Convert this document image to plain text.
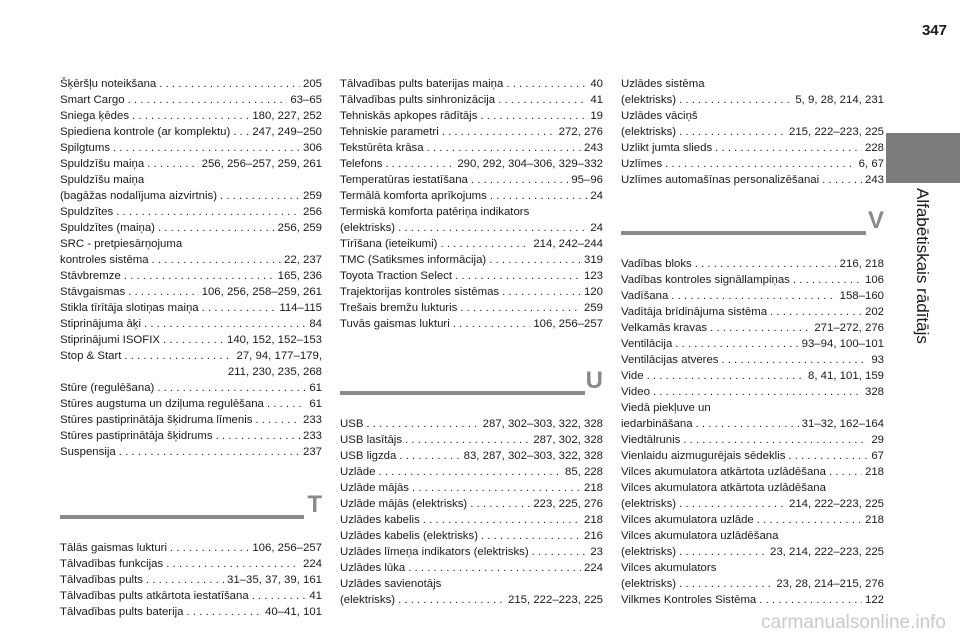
347
Alfabētiskais rādītājs
Šķēršļu noteikšana . . .	205
Smart Cargo . . .	63–65
Sniega ķēdes . . .	180, 227, 252
Spiediena kontrole (ar komplektu) . . . 247, 249–250
Spilgtums . . .	306
Spuldzīšu maiņa . . .	256, 256–257, 259, 261
Spuldzīšu maiņa
(bagāžas nodalījuma aizvirtnis) . . .	259
Spuldzītes . . .	256
Spuldzītes (maiņa) . . .	256, 259
SRC - pretpiesārņojuma
kontroles sistēma . . .	22, 237
Stāvbremze . . .	165, 236
Stāvgaismas . . .	106, 256, 258–259, 261
Stikla tīrītāja slotiņas maiņa . . .	114–115
Stiprinājuma āķi . . .	84
Stiprinājumi ISOFIX . . .	140, 152, 152–153
Stop & Start . . .	27, 94, 177–179,
211, 230, 235, 268
Stūre (regulēšana) . . .	61
Stūres augstuma un dziļuma regulēšana . . .	61
Stūres pastiprinātāja šķidruma līmenis . . .	233
Stūres pastiprinātāja šķidrums . . .	233
Suspensija . . .	237
T
Tālās gaismas lukturi . . .	106, 256–257
Tālvadības funkcijas . . .	224
Tālvadības pults . . .	31–35, 37, 39, 161
Tālvadības pults atkārtota iestatīšana . . .	41
Tālvadības pults baterija . . .	40–41, 101
Tālvadības pults baterijas maiņa . . .	40
Tālvadības pults sinhronizācija . . .	41
Tehniskās apkopes rādītājs . . .	19
Tehniskie parametri . . .	272, 276
Tekstūrēta krāsa . . .	243
Telefons . . .	290, 292, 304–306, 329–332
Temperatūras iestatīšana . . .	95–96
Termālā komforta aprīkojums . . .	24
Termiskā komforta patēriņa indikators
(elektrisks) . . .	24
Tīrīšana (ieteikumi) . . .	214, 242–244
TMC (Satiksmes informācija) . . .	319
Toyota Traction Select . . .	123
Trajektorijas kontroles sistēmas . . .	120
Trešais bremžu lukturis . . .	259
Tuvās gaismas lukturi . . .	106, 256–257
U
USB . . .	287, 302–303, 322, 328
USB lasītājs . . .	287, 302, 328
USB ligzda . . .	83, 287, 302–303, 322, 328
Uzlāde . . .	85, 228
Uzlāde mājās . . .	218
Uzlāde mājās (elektrisks) . . .	223, 225, 276
Uzlādes kabelis . . .	218
Uzlādes kabelis (elektrisks) . . .	216
Uzlādes līmeņa indikators (elektrisks) . . .	23
Uzlādes lūka . . .	224
Uzlādes savienotājs
(elektrisks) . . .	215, 222–223, 225
Uzlādes sistēma
(elektrisks) . . .	5, 9, 28, 214, 231
Uzlādes vāciņš
(elektrisks) . . .	215, 222–223, 225
Uzlikt jumta slieds . . .	228
Uzlīmes . . .	6, 67
Uzlīmes automašīnas personalizēšanai . . .	243
V
Vadības bloks . . .	216, 218
Vadības kontroles signāllampiņas . . .	106
Vadīšana . . .	158–160
Vadītāja brīdinājuma sistēma . . .	202
Velkamās kravas . . .	271–272, 276
Ventilācija . . .	93–94, 100–101
Ventilācijas atveres . . .	93
Vide . . .	8, 41, 101, 159
Video . . .	328
Viedā piekļuve un
iedarbināšana . . .	31–32, 162–164
Viedtālrunis . . .	29
Vienlaidu aizmugurējais sēdeklis . . .	67
Vilces akumulatora atkārtota uzlādēšana . . .	218
Vilces akumulatora atkārtota uzlādēšana
(elektrisks) . . .	214, 222–223, 225
Vilces akumulatora uzlāde . . .	218
Vilces akumulatora uzlādēšana
(elektrisks) . . .	23, 214, 222–223, 225
Vilces akumulators
(elektrisks) . . .	23, 28, 214–215, 276
Vilkmes Kontroles Sistēma . . .	122
carmanualsonline.info
